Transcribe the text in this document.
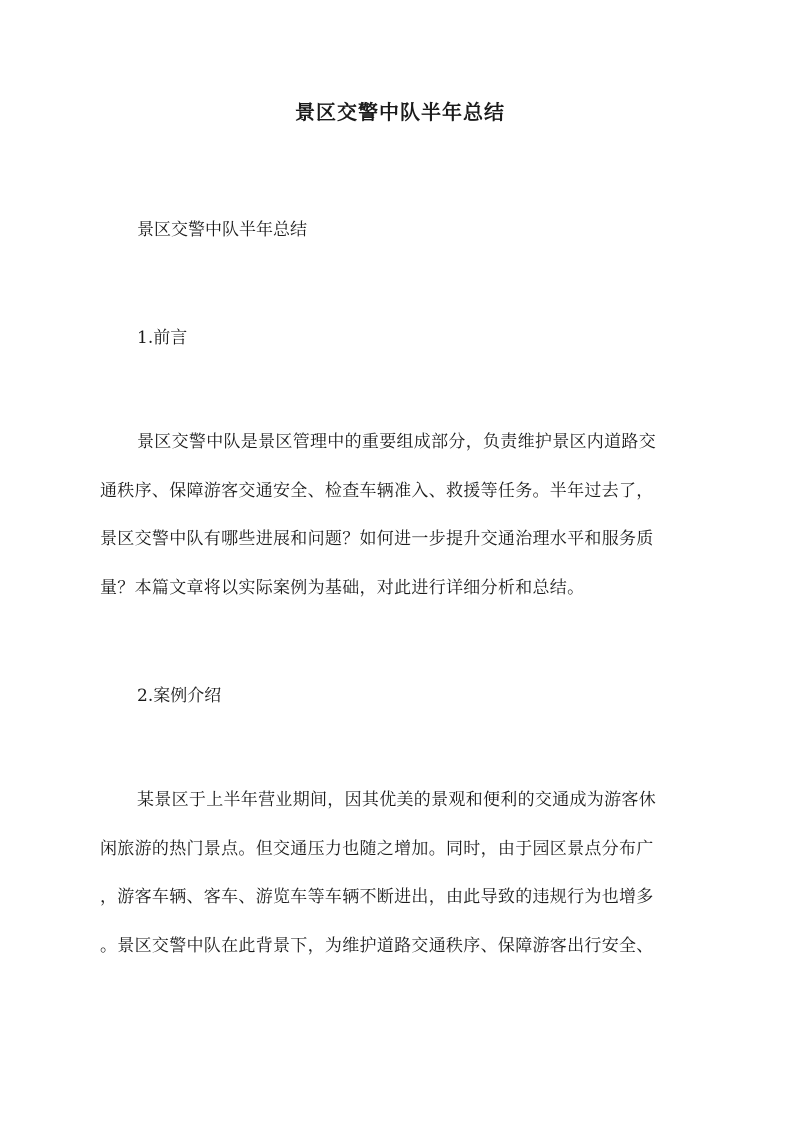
景区交警中队半年总结

景区交警中队半年总结

1.前言

景区交警中队是景区管理中的重要组成部分，负责维护景区内道路交
通秩序、保障游客交通安全、检查车辆准入、救援等任务。半年过去了，
景区交警中队有哪些进展和问题？如何进一步提升交通治理水平和服务质
量？本篇文章将以实际案例为基础，对此进行详细分析和总结。

2.案例介绍

某景区于上半年营业期间，因其优美的景观和便利的交通成为游客休
闲旅游的热门景点。但交通压力也随之增加。同时，由于园区景点分布广
，游客车辆、客车、游览车等车辆不断进出，由此导致的违规行为也增多
。景区交警中队在此背景下，为维护道路交通秩序、保障游客出行安全、
